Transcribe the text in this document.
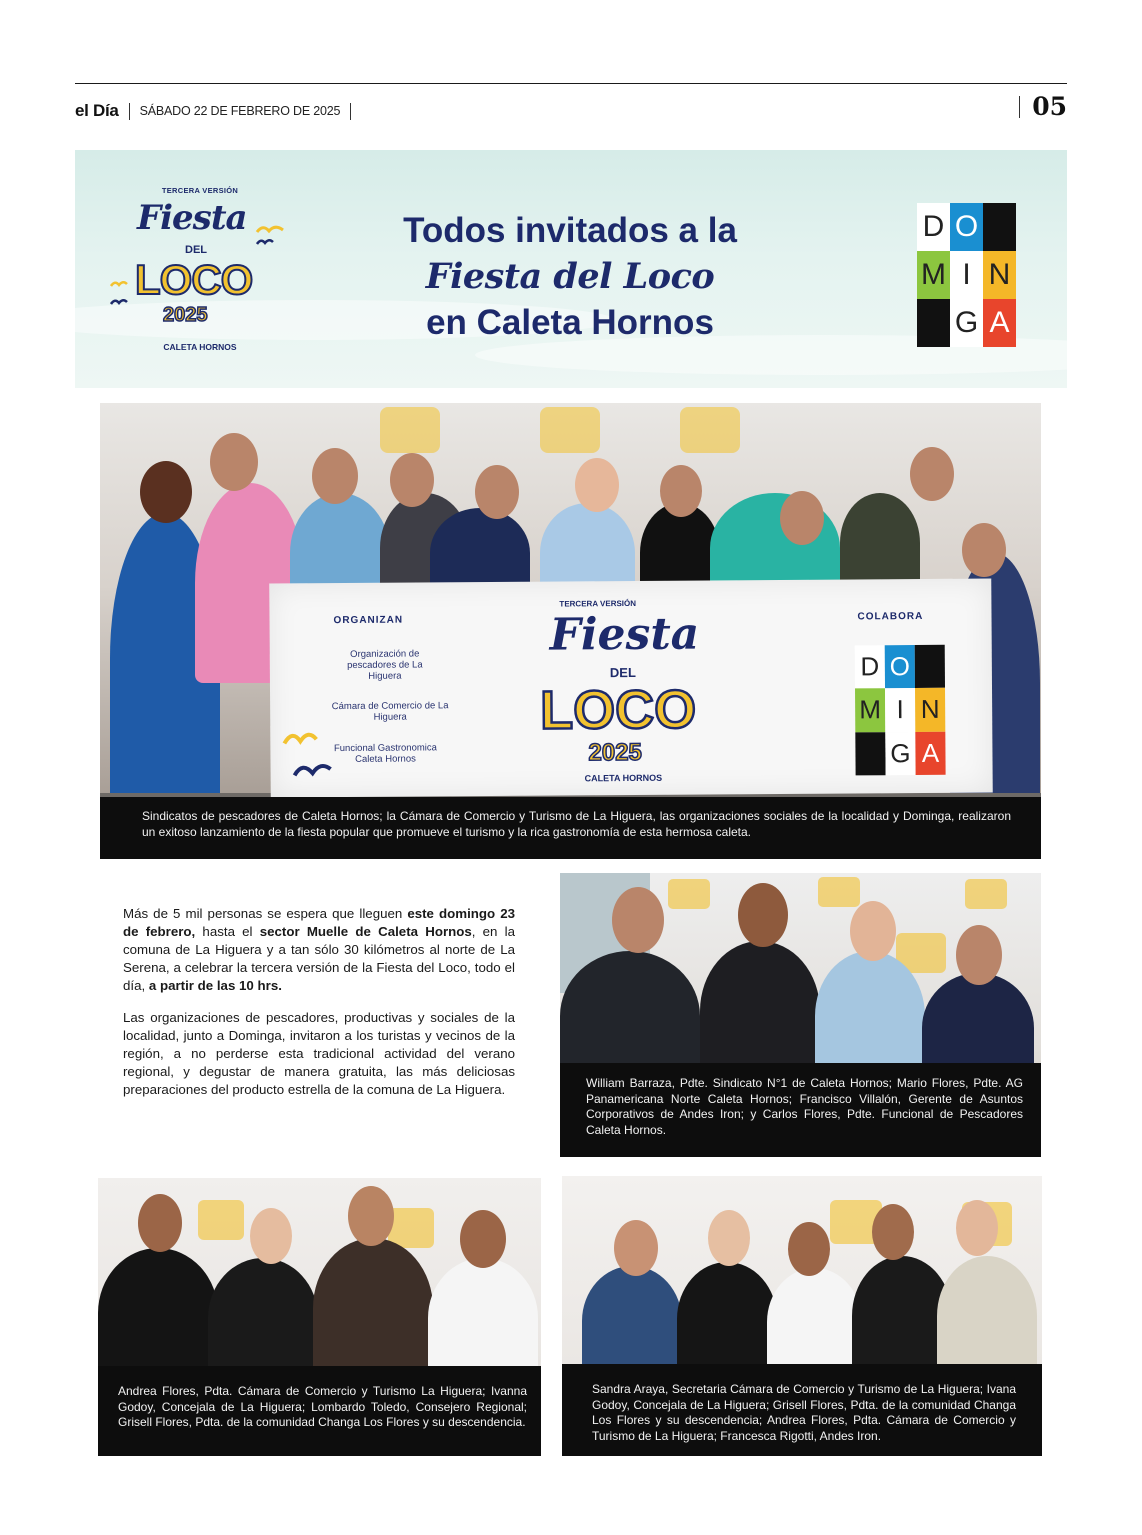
el Día SÁBADO 22 DE FEBRERO DE 2025	05
TERCERA VERSIÓN
Fiesta
DEL
LOCO
2025
CALETA HORNOS
Todos invitados a la
Fiesta del Loco
en Caleta Hornos
D O
M I N
G A
ORGANIZAN
Organización de pescadores de La Higuera
Cámara de Comercio de La Higuera
Funcional Gastronomica Caleta Hornos
TERCERA VERSIÓN
Fiesta
DEL
LOCO
2025
CALETA HORNOS
COLABORA
D O
M I N
G A

Sindicatos de pescadores de Caleta Hornos; la Cámara de Comercio y Turismo de La Higuera, las organizaciones sociales de la localidad y Dominga, realizaron un exitoso lanzamiento de la fiesta popular que promueve el turismo y la rica gastronomía de esta hermosa caleta.

Más de 5 mil personas se espera que lleguen este domingo 23 de febrero, hasta el sector Muelle de Caleta Hornos, en la comuna de La Higuera y a tan sólo 30 kilómetros al norte de La Serena, a celebrar la tercera versión de la Fiesta del Loco, todo el día, a partir de las 10 hrs.

Las organizaciones de pescadores, productivas y sociales de la localidad, junto a Dominga, invitaron a los turistas y vecinos de la región, a no perderse esta tradicional actividad del verano regional, y degustar de manera gratuita, las más deliciosas preparaciones del producto estrella de la comuna de La Higuera.	William Barraza, Pdte. Sindicato N°1 de Caleta Hornos; Mario Flores, Pdte. AG Panamericana Norte Caleta Hornos; Francisco Villalón, Gerente de Asuntos Corporativos de Andes Iron; y Carlos Flores, Pdte. Funcional de Pescadores Caleta Hornos.

Andrea Flores, Pdta. Cámara de Comercio y Turismo La Higuera; Ivanna Godoy, Concejala de La Higuera; Lombardo Toledo, Consejero Regional; Grisell Flores, Pdta. de la comunidad Changa Los Flores y su descendencia.

Sandra Araya, Secretaria Cámara de Comercio y Turismo de La Higuera; Ivana Godoy, Concejala de La Higuera; Grisell Flores, Pdta. de la comunidad Changa Los Flores y su descendencia; Andrea Flores, Pdta. Cámara de Comercio y Turismo de La Higuera; Francesca Rigotti, Andes Iron.
